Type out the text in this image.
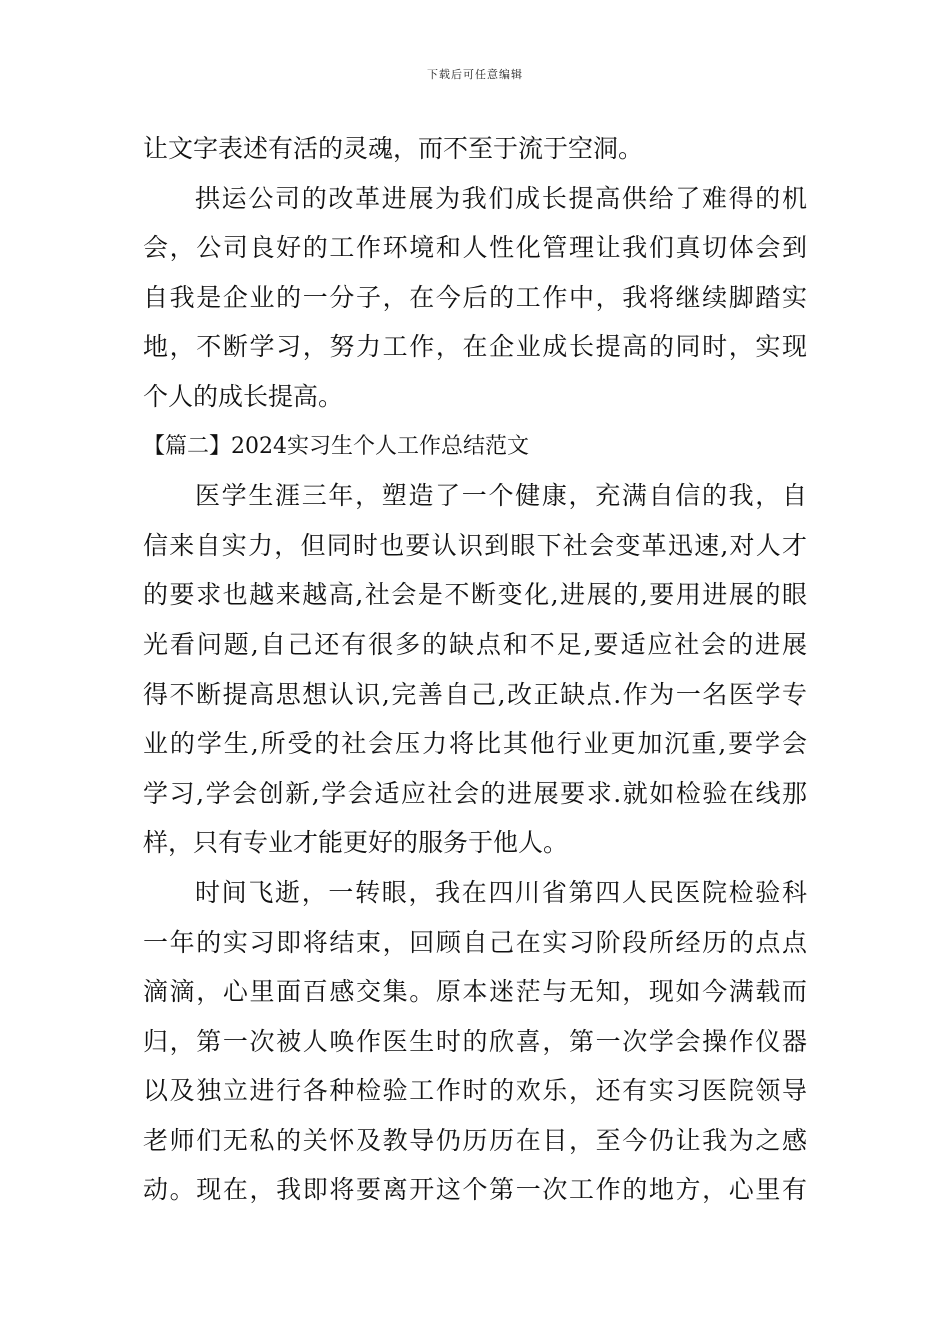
下载后可任意编辑
让文字表述有活的灵魂，而不至于流于空洞。
拱运公司的改革进展为我们成长提高供给了难得的机
会，公司良好的工作环境和人性化管理让我们真切体会到
自我是企业的一分子，在今后的工作中，我将继续脚踏实
地，不断学习，努力工作，在企业成长提高的同时，实现
个人的成长提高。
【篇二】2024实习生个人工作总结范文
医学生涯三年，塑造了一个健康，充满自信的我，自
信来自实力，但同时也要认识到眼下社会变革迅速,对人才
的要求也越来越高,社会是不断变化,进展的,要用进展的眼
光看问题,自己还有很多的缺点和不足,要适应社会的进展
得不断提高思想认识,完善自己,改正缺点.作为一名医学专
业的学生,所受的社会压力将比其他行业更加沉重,要学会
学习,学会创新,学会适应社会的进展要求.就如检验在线那
样，只有专业才能更好的服务于他人。
时间飞逝，一转眼，我在四川省第四人民医院检验科
一年的实习即将结束，回顾自己在实习阶段所经历的点点
滴滴，心里面百感交集。原本迷茫与无知，现如今满载而
归，第一次被人唤作医生时的欣喜，第一次学会操作仪器
以及独立进行各种检验工作时的欢乐，还有实习医院领导
老师们无私的关怀及教导仍历历在目，至今仍让我为之感
动。现在，我即将要离开这个第一次工作的地方，心里有
